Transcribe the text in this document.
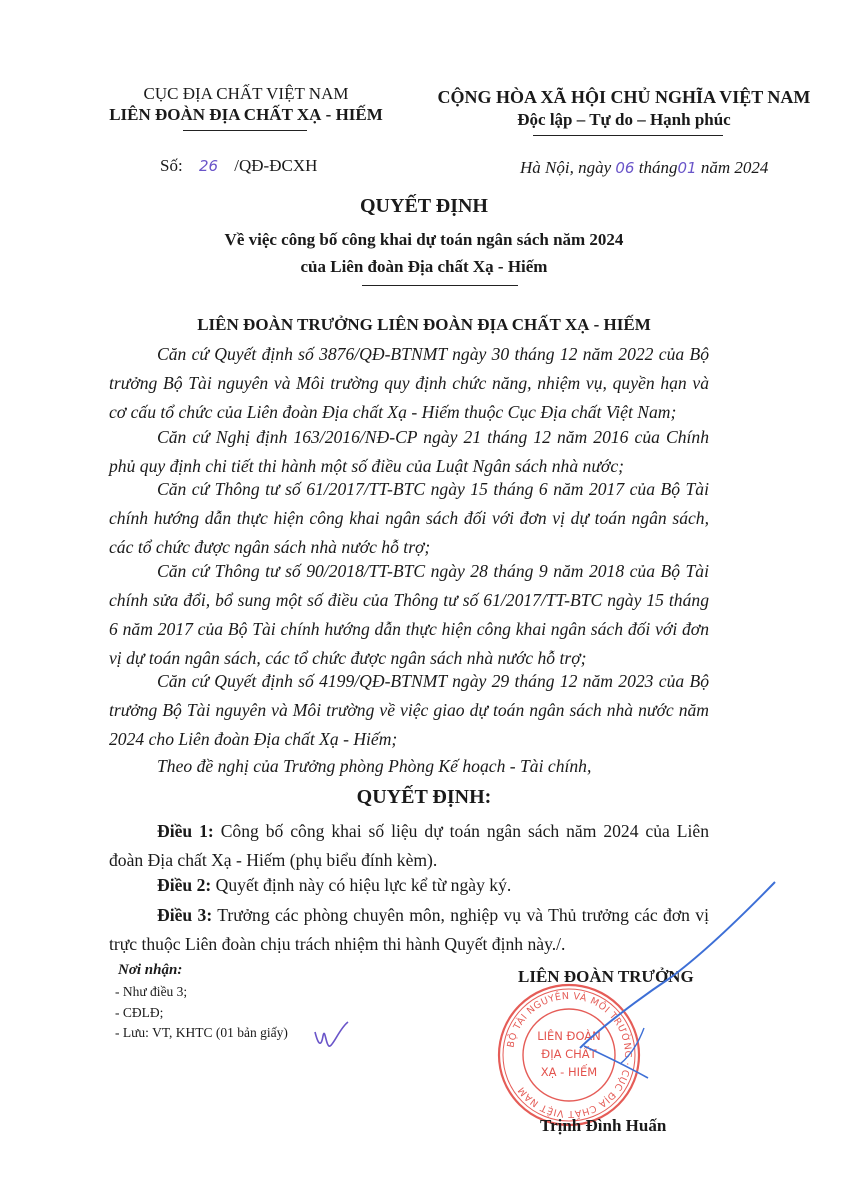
CỤC ĐỊA CHẤT VIỆT NAM
LIÊN ĐOÀN ĐỊA CHẤT XẠ - HIẾM
CỘNG HÒA XÃ HỘI CHỦ NGHĨA VIỆT NAM
Độc lập – Tự do – Hạnh phúc
Số: 26 /QĐ-ĐCXH	Hà Nội, ngày 06 tháng01 năm 2024
QUYẾT ĐỊNH
Về việc công bố công khai dự toán ngân sách năm 2024
của Liên đoàn Địa chất Xạ - Hiếm
LIÊN ĐOÀN TRƯỞNG LIÊN ĐOÀN ĐỊA CHẤT XẠ - HIẾM
Căn cứ Quyết định số 3876/QĐ-BTNMT ngày 30 tháng 12 năm 2022 của Bộ trưởng Bộ Tài nguyên và Môi trường quy định chức năng, nhiệm vụ, quyền hạn và cơ cấu tổ chức của Liên đoàn Địa chất Xạ - Hiếm thuộc Cục Địa chất Việt Nam;
Căn cứ Nghị định 163/2016/NĐ-CP ngày 21 tháng 12 năm 2016 của Chính phủ quy định chi tiết thi hành một số điều của Luật Ngân sách nhà nước;
Căn cứ Thông tư số 61/2017/TT-BTC ngày 15 tháng 6 năm 2017 của Bộ Tài chính hướng dẫn thực hiện công khai ngân sách đối với đơn vị dự toán ngân sách, các tổ chức được ngân sách nhà nước hỗ trợ;
Căn cứ Thông tư số 90/2018/TT-BTC ngày 28 tháng 9 năm 2018 của Bộ Tài chính sửa đổi, bổ sung một số điều của Thông tư số 61/2017/TT-BTC ngày 15 tháng 6 năm 2017 của Bộ Tài chính hướng dẫn thực hiện công khai ngân sách đối với đơn vị dự toán ngân sách, các tổ chức được ngân sách nhà nước hỗ trợ;
Căn cứ Quyết định số 4199/QĐ-BTNMT ngày 29 tháng 12 năm 2023 của Bộ trưởng Bộ Tài nguyên và Môi trường về việc giao dự toán ngân sách nhà nước năm 2024 cho Liên đoàn Địa chất Xạ - Hiếm;
Theo đề nghị của Trưởng phòng Phòng Kế hoạch - Tài chính,
QUYẾT ĐỊNH:
Điều 1: Công bố công khai số liệu dự toán ngân sách năm 2024 của Liên đoàn Địa chất Xạ - Hiếm (phụ biểu đính kèm).
Điều 2: Quyết định này có hiệu lực kể từ ngày ký.
Điều 3: Trưởng các phòng chuyên môn, nghiệp vụ và Thủ trưởng các đơn vị trực thuộc Liên đoàn chịu trách nhiệm thi hành Quyết định này./.
Nơi nhận:
- Như điều 3;
- CĐLĐ;
- Lưu: VT, KHTC (01 bản giấy)
LIÊN ĐOÀN TRƯỞNG
BỘ TÀI NGUYÊN VÀ MÔI TRƯỜNG · CỤC ĐỊA CHẤT VIỆT NAM
LIÊN ĐOÀN
ĐỊA CHẤT
XẠ - HIẾM
Trịnh Đình Huấn
